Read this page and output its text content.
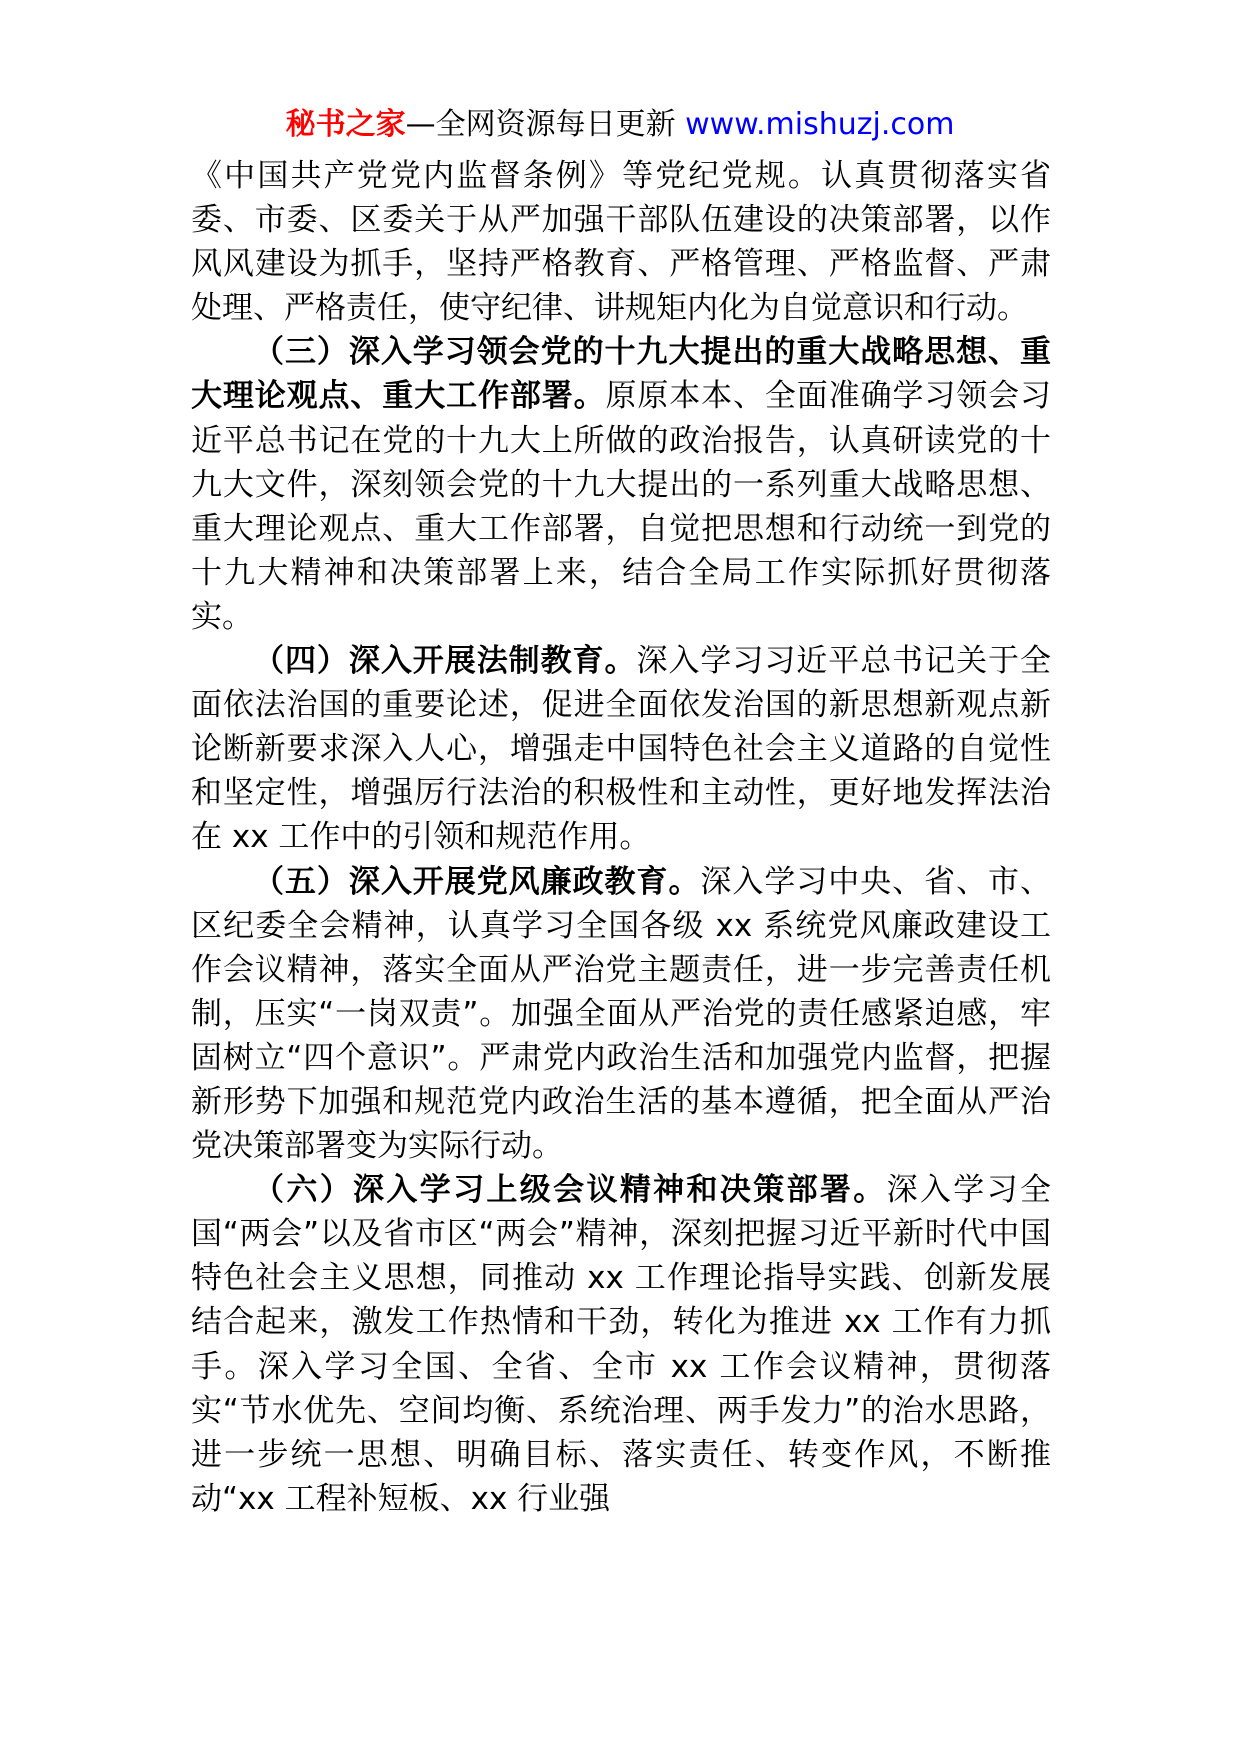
秘书之家—全网资源每日更新 www.mishuzj.com

《中国共产党党内监督条例》等党纪党规。认真贯彻落实省委、市委、区委关于从严加强干部队伍建设的决策部署，以作风风建设为抓手，坚持严格教育、严格管理、严格监督、严肃处理、严格责任，使守纪律、讲规矩内化为自觉意识和行动。

（三）深入学习领会党的十九大提出的重大战略思想、重大理论观点、重大工作部署。原原本本、全面准确学习领会习近平总书记在党的十九大上所做的政治报告，认真研读党的十九大文件，深刻领会党的十九大提出的一系列重大战略思想、重大理论观点、重大工作部署，自觉把思想和行动统一到党的十九大精神和决策部署上来，结合全局工作实际抓好贯彻落实。

（四）深入开展法制教育。深入学习习近平总书记关于全面依法治国的重要论述，促进全面依发治国的新思想新观点新论断新要求深入人心，增强走中国特色社会主义道路的自觉性和坚定性，增强厉行法治的积极性和主动性，更好地发挥法治在 xx 工作中的引领和规范作用。

（五）深入开展党风廉政教育。深入学习中央、省、市、区纪委全会精神，认真学习全国各级 xx 系统党风廉政建设工作会议精神，落实全面从严治党主题责任，进一步完善责任机制，压实“一岗双责”。加强全面从严治党的责任感紧迫感，牢固树立“四个意识”。严肃党内政治生活和加强党内监督，把握新形势下加强和规范党内政治生活的基本遵循，把全面从严治党决策部署变为实际行动。

（六）深入学习上级会议精神和决策部署。深入学习全国“两会”以及省市区“两会”精神，深刻把握习近平新时代中国特色社会主义思想，同推动 xx 工作理论指导实践、创新发展结合起来，激发工作热情和干劲，转化为推进 xx 工作有力抓手。深入学习全国、全省、全市 xx 工作会议精神，贯彻落实“节水优先、空间均衡、系统治理、两手发力”的治水思路，进一步统一思想、明确目标、落实责任、转变作风，不断推动“xx 工程补短板、xx 行业强
